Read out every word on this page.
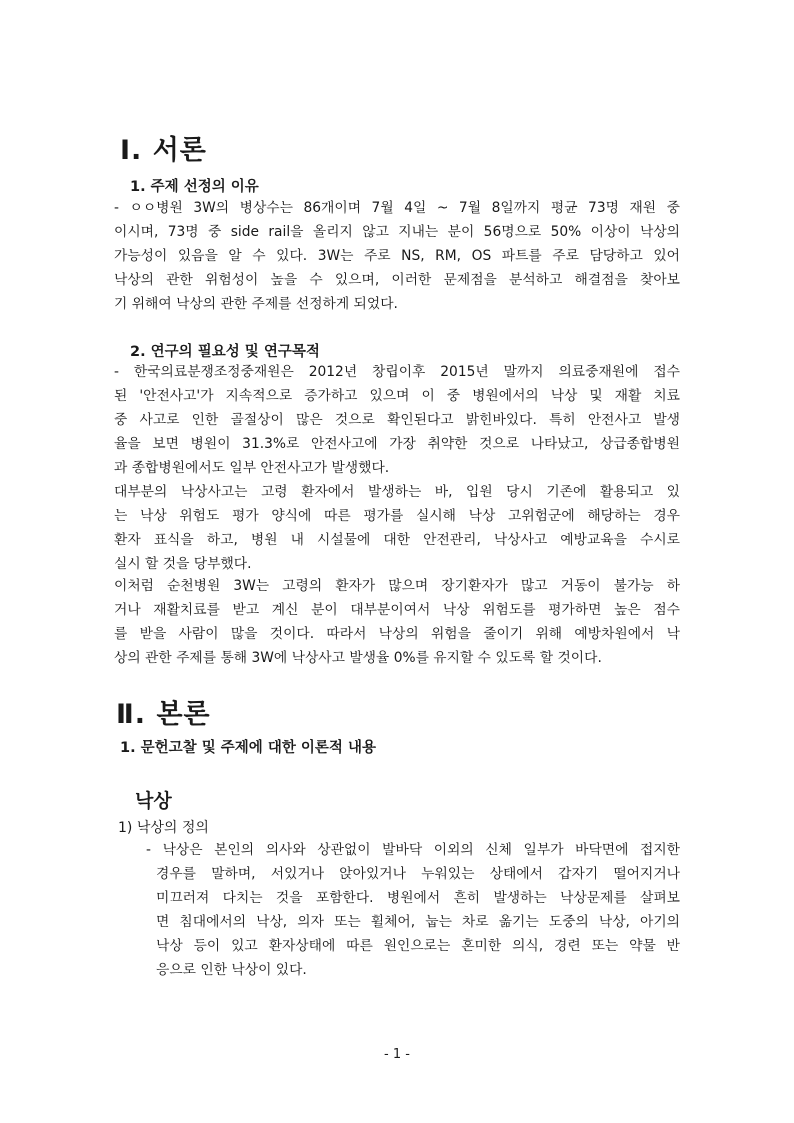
Ⅰ. 서론
1. 주제 선정의 이유
- ㅇㅇ병원 3W의 병상수는 86개이며 7월 4일 ~ 7월 8일까지 평균 73명 재원 중
이시며, 73명 중 side rail을 올리지 않고 지내는 분이 56명으로 50% 이상이 낙상의
가능성이 있음을 알 수 있다. 3W는 주로 NS, RM, OS 파트를 주로 담당하고 있어
낙상의 관한 위험성이 높을 수 있으며, 이러한 문제점을 분석하고 해결점을 찾아보
기 위해여 낙상의 관한 주제를 선정하게 되었다.
2. 연구의 필요성 및 연구목적
- 한국의료분쟁조정중재원은 2012년 창립이후 2015년 말까지 의료중재원에 접수
된 '안전사고'가 지속적으로 증가하고 있으며 이 중 병원에서의 낙상 및 재활 치료
중 사고로 인한 골절상이 많은 것으로 확인된다고 밝힌바있다. 특히 안전사고 발생
율을 보면 병원이 31.3%로 안전사고에 가장 취약한 것으로 나타났고, 상급종합병원
과 종합병원에서도 일부 안전사고가 발생했다.
대부분의 낙상사고는 고령 환자에서 발생하는 바, 입원 당시 기존에 활용되고 있
는 낙상 위험도 평가 양식에 따른 평가를 실시해 낙상 고위험군에 해당하는 경우
환자 표식을 하고, 병원 내 시설물에 대한 안전관리, 낙상사고 예방교육을 수시로
실시 할 것을 당부했다.
이처럼 순천병원 3W는 고령의 환자가 많으며 장기환자가 많고 거동이 불가능 하
거나 재활치료를 받고 계신 분이 대부분이여서 낙상 위험도를 평가하면 높은 점수
를 받을 사람이 많을 것이다. 따라서 낙상의 위험을 줄이기 위해 예방차원에서 낙
상의 관한 주제를 통해 3W에 낙상사고 발생율 0%를 유지할 수 있도록 할 것이다.
Ⅱ. 본론
1. 문헌고찰 및 주제에 대한 이론적 내용
낙상

1) 낙상의 정의

- 낙상은 본인의 의사와 상관없이 발바닥 이외의 신체 일부가 바닥면에 접지한
경우를 말하며, 서있거나 앉아있거나 누워있는 상태에서 갑자기 떨어지거나
미끄러져 다치는 것을 포함한다. 병원에서 흔히 발생하는 낙상문제를 살펴보
면 침대에서의 낙상, 의자 또는 휠체어, 눕는 차로 옮기는 도중의 낙상, 아기의
낙상 등이 있고 환자상태에 따른 원인으로는 혼미한 의식, 경련 또는 약물 반
응으로 인한 낙상이 있다.

- 1 -
